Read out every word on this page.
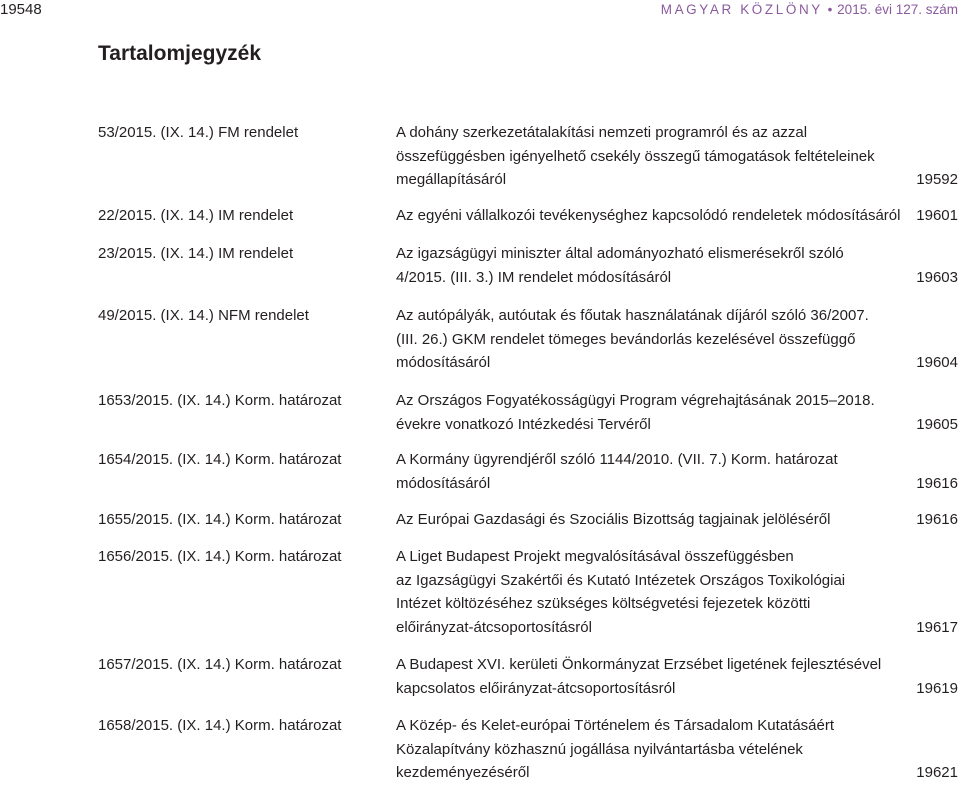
19548	MAGYAR KÖZLÖNY • 2015. évi 127. szám
Tartalomjegyzék
53/2015. (IX. 14.) FM rendelet	A dohány szerkezetátalakítási nemzeti programról és az azzal
összefüggésben igényelhető csekély összegű támogatások feltételeinek
megállapításáról	19592
22/2015. (IX. 14.) IM rendelet	Az egyéni vállalkozói tevékenységhez kapcsolódó rendeletek módosításáról 19601
23/2015. (IX. 14.) IM rendelet	Az igazságügyi miniszter által adományozható elismerésekről szóló
4/2015. (III. 3.) IM rendelet módosításáról	19603
49/2015. (IX. 14.) NFM rendelet	Az autópályák, autóutak és főutak használatának díjáról szóló 36/2007.
(III. 26.) GKM rendelet tömeges bevándorlás kezelésével összefüggő
módosításáról	19604
1653/2015. (IX. 14.) Korm. határozat	Az Országos Fogyatékosságügyi Program végrehajtásának 2015–2018.
évekre vonatkozó Intézkedési Tervéről	19605
1654/2015. (IX. 14.) Korm. határozat	A Kormány ügyrendjéről szóló 1144/2010. (VII. 7.) Korm. határozat
módosításáról	19616
1655/2015. (IX. 14.) Korm. határozat	Az Európai Gazdasági és Szociális Bizottság tagjainak jelöléséről	19616
1656/2015. (IX. 14.) Korm. határozat	A Liget Budapest Projekt megvalósításával összefüggésben
az Igazságügyi Szakértői és Kutató Intézetek Országos Toxikológiai
Intézet költözéséhez szükséges költségvetési fejezetek közötti
előirányzat-átcsoportosításról	19617
1657/2015. (IX. 14.) Korm. határozat	A Budapest XVI. kerületi Önkormányzat Erzsébet ligetének fejlesztésével
kapcsolatos előirányzat-átcsoportosításról	19619
1658/2015. (IX. 14.) Korm. határozat	A Közép- és Kelet-európai Történelem és Társadalom Kutatásáért
Közalapítvány közhasznú jogállása nyilvántartásba vételének
kezdeményezéséről	19621
